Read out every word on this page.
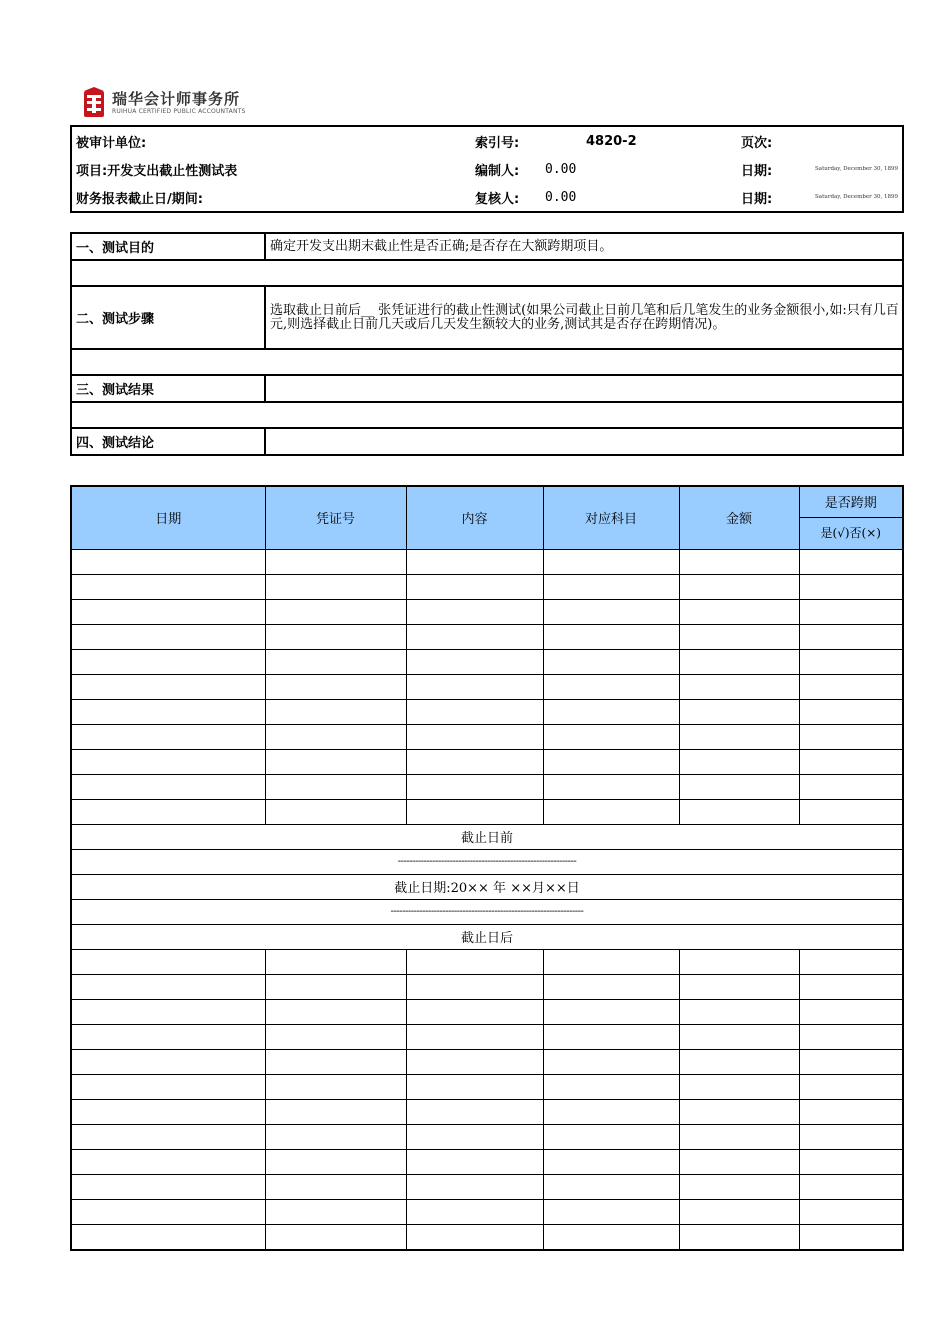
瑞华会计师事务所
RUIHUA CERTIFIED PUBLIC ACCOUNTANTS
被审计单位:	索引号:	4820-2	页次:	
项目:开发支出截止性测试表	编制人:	0.00	日期:	Saturday, December 30, 1899
财务报表截止日/期间:	复核人:	0.00	日期:	Saturday, December 30, 1899
一、测试目的	确定开发支出期末截止性是否正确;是否存在大额跨期项目。

二、测试步骤	选取截止日前后__ 张凭证进行的截止性测试(如果公司截止日前几笔和后几笔发生的业务金额很小,如:只有几百元,则选择截止日前几天或后几天发生额较大的业务,测试其是否存在跨期情况)。

三、测试结果	

四、测试结论	
日期	凭证号	内容	对应科目	金额	是否跨期
					是(√)否(×)

截止日前					
--------------------------------------------------------------					
截止日期:20×× 年 ××月××日					
-------------------------------------------------------------------					
截止日后					
